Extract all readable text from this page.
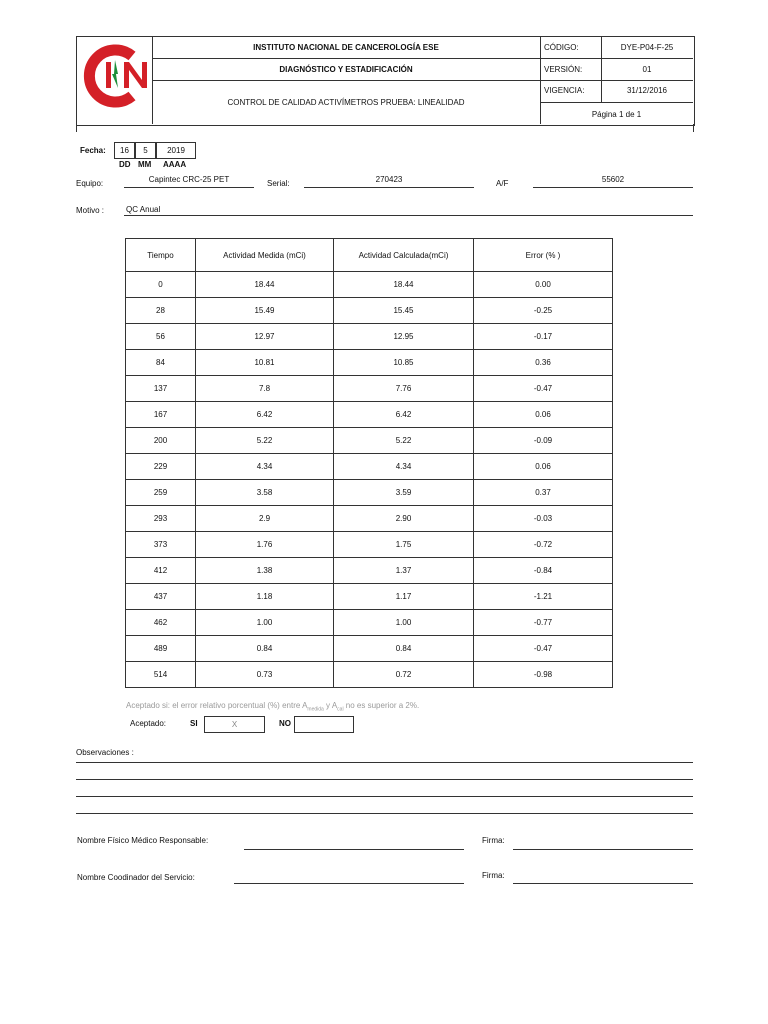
INSTITUTO NACIONAL DE CANCEROLOGÍA ESE
DIAGNÓSTICO Y ESTADIFICACIÓN
CONTROL DE CALIDAD ACTIVÍMETROS PRUEBA: LINEALIDAD
CÓDIGO:	DYE-P04-F-25
VERSIÓN:	01
VIGENCIA:	31/12/2016
Página 1 de 1
Fecha:	16	5	2019
DD MM AAAA
Equipo:	Capintec CRC-25 PET	Serial:	270423	A/F	55602
Motivo :	QC Anual
Tiempo	Actividad Medida (mCi)	Actividad Calculada(mCi)	Error (% )
0	18.44	18.44	0.00
28	15.49	15.45	-0.25
56	12.97	12.95	-0.17
84	10.81	10.85	0.36
137	7.8	7.76	-0.47
167	6.42	6.42	0.06
200	5.22	5.22	-0.09
229	4.34	4.34	0.06
259	3.58	3.59	0.37
293	2.9	2.90	-0.03
373	1.76	1.75	-0.72
412	1.38	1.37	-0.84
437	1.18	1.17	-1.21
462	1.00	1.00	-0.77
489	0.84	0.84	-0.47
514	0.73	0.72	-0.98
Aceptado si: el error relativo porcentual (%) entre $A_{medida}$ y $A_{cal}$ no es superior a 2%.
Aceptado:	SI	X	NO
Observaciones :
Nombre Físico Médico Responsable:	Firma:
Nombre Coodinador del Servicio:	Firma:
